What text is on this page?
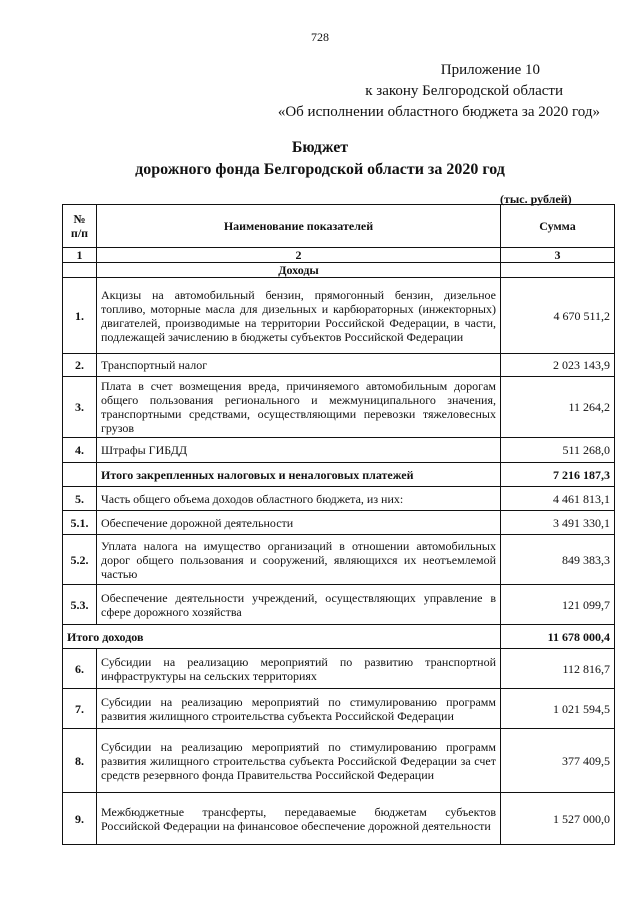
728
Приложение 10
к закону Белгородской области
«Об исполнении областного бюджета за 2020 год»
Бюджет
дорожного фонда Белгородской области за 2020 год
(тыс. рублей)
№ п/п	Наименование показателей	Сумма
1	2	3
	Доходы	
1.	Акцизы на автомобильный бензин, прямогонный бензин, дизельное топливо, моторные масла для дизельных и карбюраторных (инжекторных) двигателей, производимые на территории Российской Федерации, в части, подлежащей зачислению в бюджеты субъектов Российской Федерации	4 670 511,2
2.	Транспортный налог	2 023 143,9
3.	Плата в счет возмещения вреда, причиняемого автомобильным дорогам общего пользования регионального и межмуниципального значения, транспортными средствами, осуществляющими перевозки тяжеловесных грузов	11 264,2
4.	Штрафы ГИБДД	511 268,0
	Итого закрепленных налоговых и неналоговых платежей	7 216 187,3
5.	Часть общего объема доходов областного бюджета, из них:	4 461 813,1
5.1.	Обеспечение дорожной деятельности	3 491 330,1
5.2.	Уплата налога на имущество организаций в отношении автомобильных дорог общего пользования и сооружений, являющихся их неотъемлемой частью	849 383,3
5.3.	Обеспечение деятельности учреждений, осуществляющих управление в сфере дорожного хозяйства	121 099,7
Итого доходов		11 678 000,4
6.	Субсидии на реализацию мероприятий по развитию транспортной инфраструктуры на сельских территориях	112 816,7
7.	Субсидии на реализацию мероприятий по стимулированию программ развития жилищного строительства субъекта Российской Федерации	1 021 594,5
8.	Субсидии на реализацию мероприятий по стимулированию программ развития жилищного строительства субъекта Российской Федерации за счет средств резервного фонда Правительства Российской Федерации	377 409,5
9.	Межбюджетные трансферты, передаваемые бюджетам субъектов Российской Федерации на финансовое обеспечение дорожной деятельности	1 527 000,0
